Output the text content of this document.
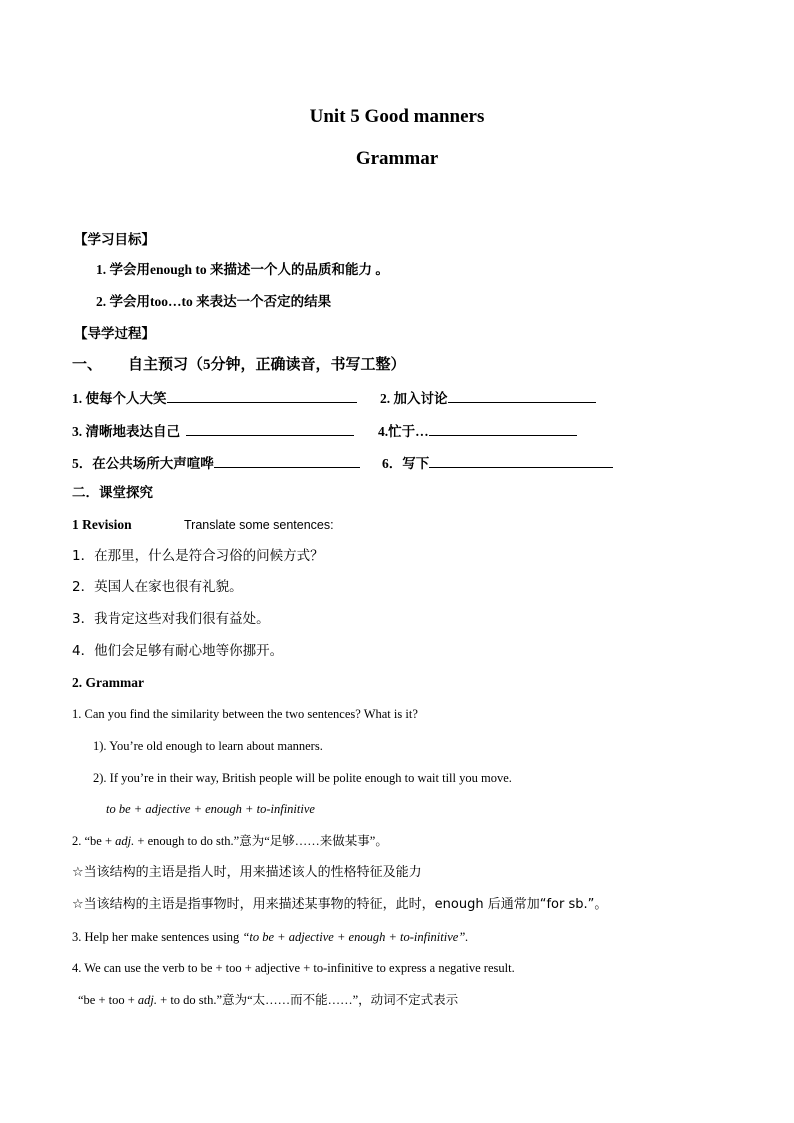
Unit 5 Good manners
Grammar
【学习目标】
1. 学会用enough to 来描述一个人的品质和能力 。
2. 学会用too…to 来表达一个否定的结果
【导学过程】
一、 自主预习（5分钟，正确读音，书写工整）
1. 使每个人大笑	2. 加入讨论
3. 清晰地表达自己	4.忙于…
5．在公共场所大声喧哗	6．写下
二．课堂探究
1 Revision	Translate some sentences:
1．在那里，什么是符合习俗的问候方式？
2．英国人在家也很有礼貌。
3．我肯定这些对我们很有益处。
4．他们会足够有耐心地等你挪开。
2. Grammar
1. Can you find the similarity between the two sentences? What is it?
1). You’re old enough to learn about manners.
2). If you’re in their way, British people will be polite enough to wait till you move.
to be + adjective + enough + to-infinitive
2. “be + adj. + enough to do sth.”意为“足够……来做某事”。
☆当该结构的主语是指人时，用来描述该人的性格特征及能力
☆当该结构的主语是指事物时，用来描述某事物的特征，此时，enough 后通常加“for sb.”。
3. Help her make sentences using “to be + adjective + enough + to-infinitive”.
4. We can use the verb to be + too + adjective + to-infinitive to express a negative result.
“be + too + adj. + to do sth.”意为“太……而不能……”，动词不定式表示
